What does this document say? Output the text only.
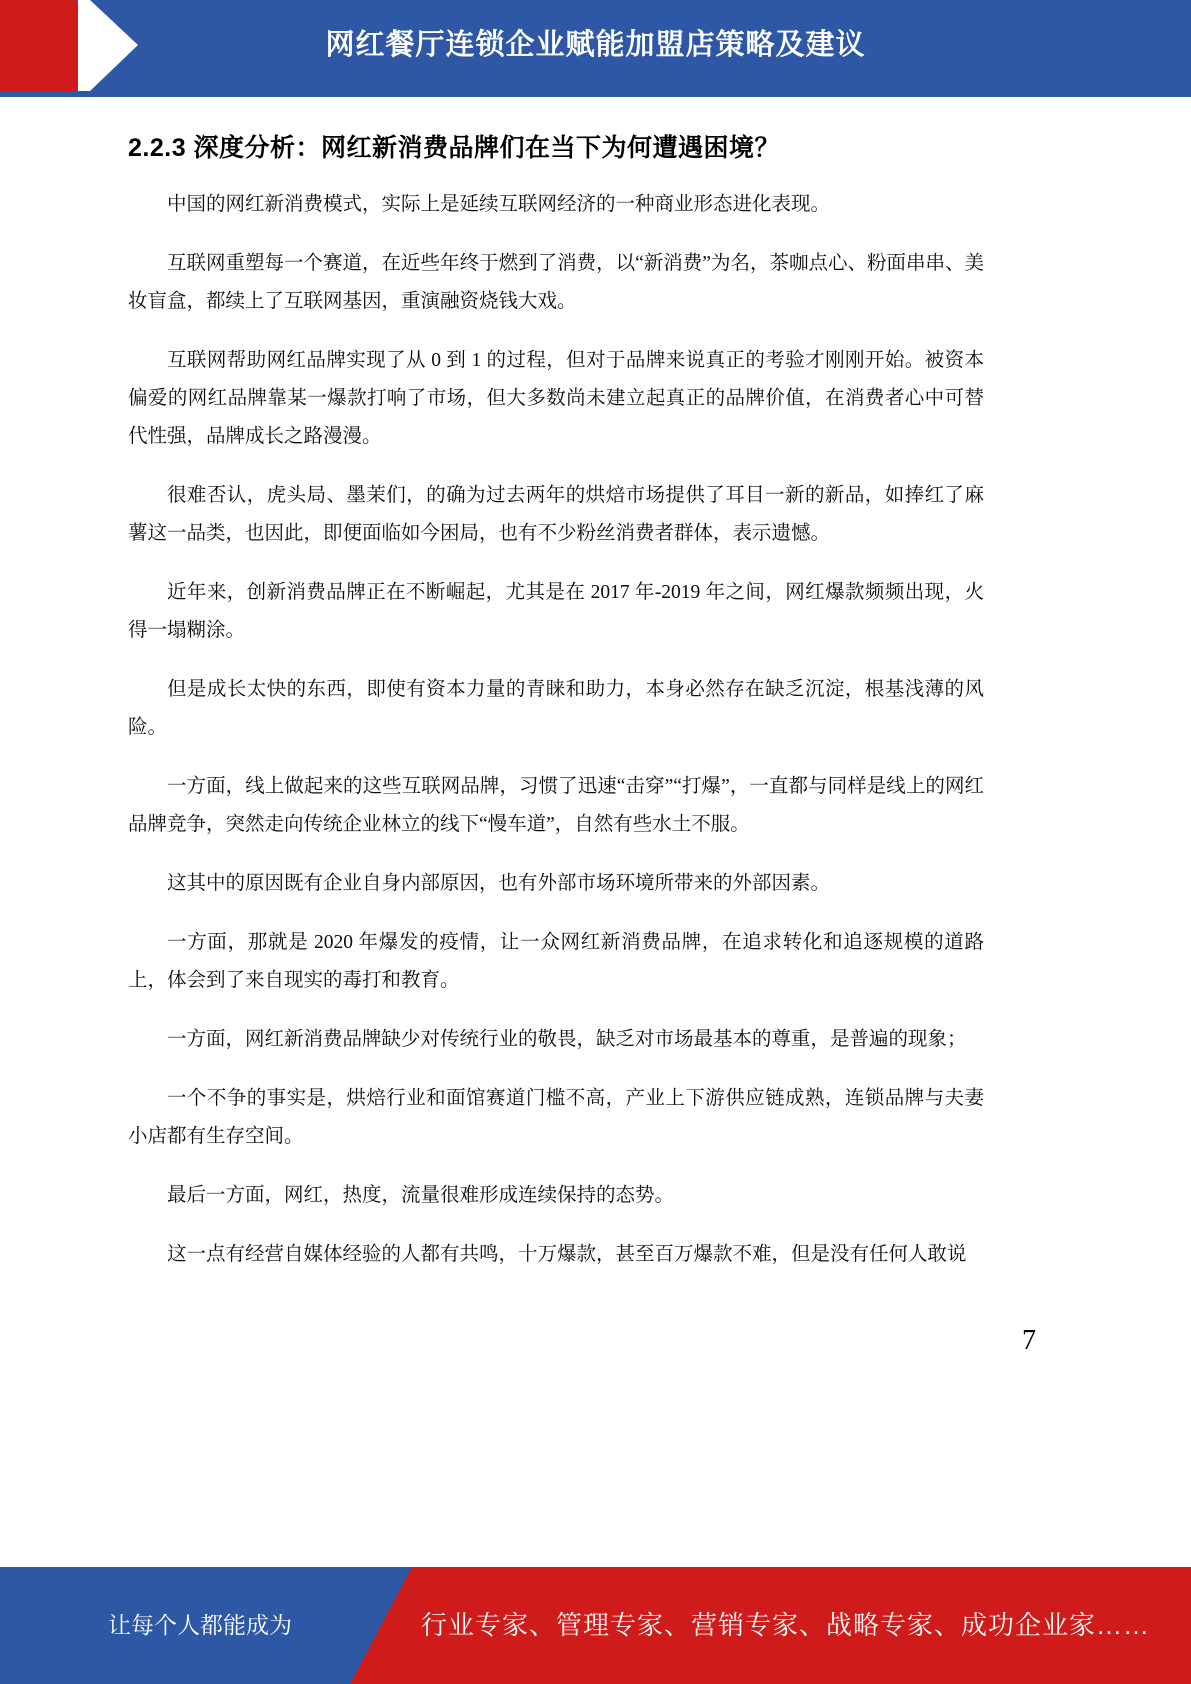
网红餐厅连锁企业赋能加盟店策略及建议
2.2.3 深度分析：网红新消费品牌们在当下为何遭遇困境？

中国的网红新消费模式，实际上是延续互联网经济的一种商业形态进化表现。

互联网重塑每一个赛道，在近些年终于燃到了消费，以“新消费”为名，茶咖点心、粉面串串、美妆盲盒，都续上了互联网基因，重演融资烧钱大戏。

互联网帮助网红品牌实现了从 0 到 1 的过程，但对于品牌来说真正的考验才刚刚开始。被资本偏爱的网红品牌靠某一爆款打响了市场，但大多数尚未建立起真正的品牌价值，在消费者心中可替代性强，品牌成长之路漫漫。

很难否认，虎头局、墨茉们，的确为过去两年的烘焙市场提供了耳目一新的新品，如捧红了麻薯这一品类，也因此，即便面临如今困局，也有不少粉丝消费者群体，表示遗憾。

近年来，创新消费品牌正在不断崛起，尤其是在 2017 年-2019 年之间，网红爆款频频出现，火得一塌糊涂。

但是成长太快的东西，即使有资本力量的青睐和助力，本身必然存在缺乏沉淀，根基浅薄的风险。

一方面，线上做起来的这些互联网品牌，习惯了迅速“击穿”“打爆”，一直都与同样是线上的网红品牌竞争，突然走向传统企业林立的线下“慢车道”，自然有些水土不服。

这其中的原因既有企业自身内部原因，也有外部市场环境所带来的外部因素。

一方面，那就是 2020 年爆发的疫情，让一众网红新消费品牌，在追求转化和追逐规模的道路上，体会到了来自现实的毒打和教育。

一方面，网红新消费品牌缺少对传统行业的敬畏，缺乏对市场最基本的尊重，是普遍的现象；

一个不争的事实是，烘焙行业和面馆赛道门槛不高，产业上下游供应链成熟，连锁品牌与夫妻小店都有生存空间。

最后一方面，网红，热度，流量很难形成连续保持的态势。

这一点有经营自媒体经验的人都有共鸣，十万爆款，甚至百万爆款不难，但是没有任何人敢说

7
让每个人都能成为	行业专家、管理专家、营销专家、战略专家、成功企业家……
